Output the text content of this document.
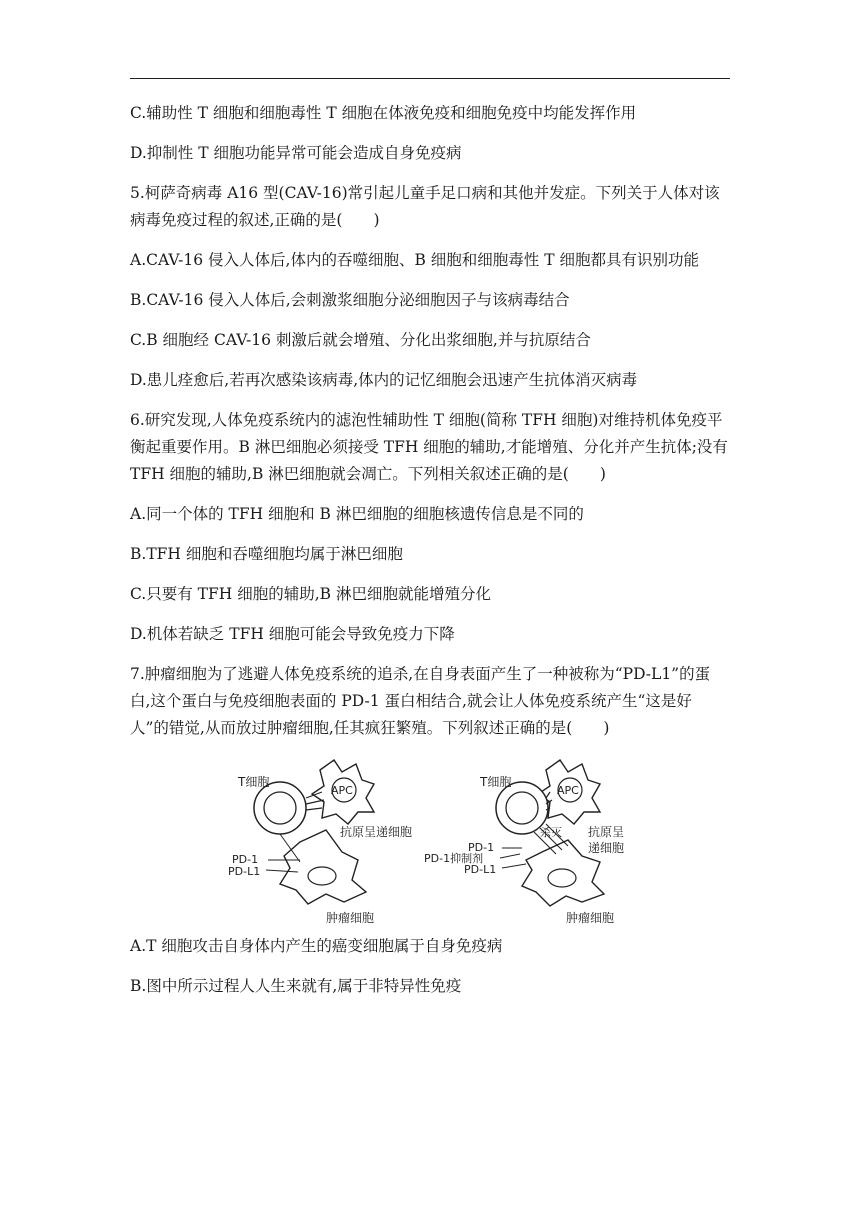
C.辅助性 T 细胞和细胞毒性 T 细胞在体液免疫和细胞免疫中均能发挥作用

D.抑制性 T 细胞功能异常可能会造成自身免疫病

5.柯萨奇病毒 A16 型(CAV-16)常引起儿童手足口病和其他并发症。下列关于人体对该病毒免疫过程的叙述,正确的是(　　)

A.CAV-16 侵入人体后,体内的吞噬细胞、B 细胞和细胞毒性 T 细胞都具有识别功能

B.CAV-16 侵入人体后,会刺激浆细胞分泌细胞因子与该病毒结合

C.B 细胞经 CAV-16 刺激后就会增殖、分化出浆细胞,并与抗原结合

D.患儿痊愈后,若再次感染该病毒,体内的记忆细胞会迅速产生抗体消灭病毒

6.研究发现,人体免疫系统内的滤泡性辅助性 T 细胞(简称 TFH 细胞)对维持机体免疫平衡起重要作用。B 淋巴细胞必须接受 TFH 细胞的辅助,才能增殖、分化并产生抗体;没有 TFH 细胞的辅助,B 淋巴细胞就会凋亡。下列相关叙述正确的是(　　)

A.同一个体的 TFH 细胞和 B 淋巴细胞的细胞核遗传信息是不同的

B.TFH 细胞和吞噬细胞均属于淋巴细胞

C.只要有 TFH 细胞的辅助,B 淋巴细胞就能增殖分化

D.机体若缺乏 TFH 细胞可能会导致免疫力下降

7.肿瘤细胞为了逃避人体免疫系统的追杀,在自身表面产生了一种被称为“PD-L1”的蛋白,这个蛋白与免疫细胞表面的 PD-1 蛋白相结合,就会让人体免疫系统产生“这是好人”的错觉,从而放过肿瘤细胞,任其疯狂繁殖。下列叙述正确的是(　　)

T细胞
APC
抗原呈递细胞
PD-1
PD-L1
肿瘤细胞
T细胞
APC
抗原呈
递细胞
杀灭
PD-1
PD-1抑制剂
PD-L1
肿瘤细胞

A.T 细胞攻击自身体内产生的癌变细胞属于自身免疫病

B.图中所示过程人人生来就有,属于非特异性免疫
